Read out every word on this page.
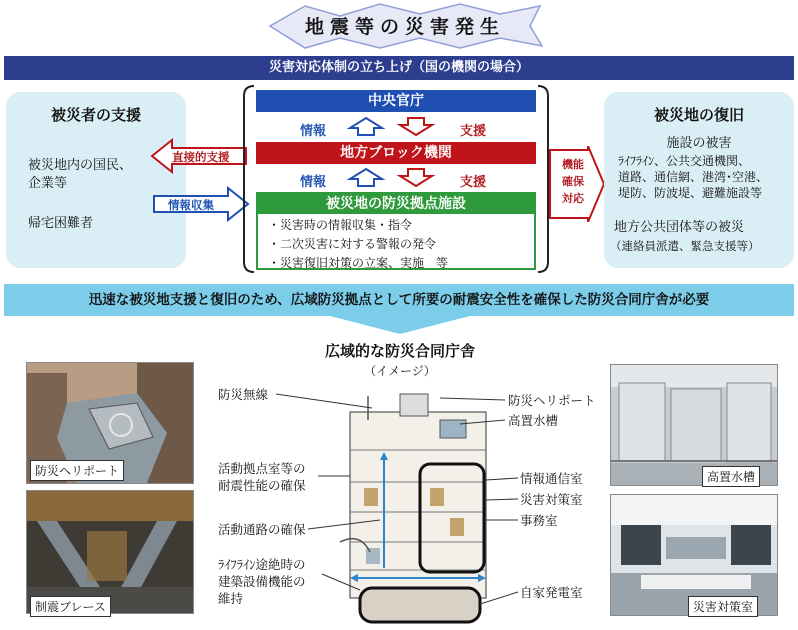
地震等の災害発生
災害対応体制の立ち上げ（国の機関の場合）
被災者の支援
被災地内の国民、
企業等
帰宅困難者
直接的支援
情報収集
中央官庁
情報	支援
地方ブロック機関
情報	支援
被災地の防災拠点施設
・災害時の情報収集・指令
・二次災害に対する警報の発令
・災害復旧対策の立案、実施　等
機能
確保
対応
被災地の復旧
施設の被害
ﾗｲﾌﾗｲﾝ、公共交通機関、
道路、通信網、港湾･空港、
堤防、防波堤、避難施設等
地方公共団体等の被災
（連絡員派遣、緊急支援等）
迅速な被災地支援と復旧のため、広域防災拠点として所要の耐震安全性を確保した防災合同庁舎が必要
広域的な防災合同庁舎
（イメージ）
防災ヘリポート
制震ブレース
高置水槽
災害対策室
防災無線
活動拠点室等の
耐震性能の確保
活動通路の確保
ﾗｲﾌﾗｲﾝ途絶時の
建築設備機能の
維持
防災ヘリポート
高置水槽
情報通信室
災害対策室
事務室
自家発電室
